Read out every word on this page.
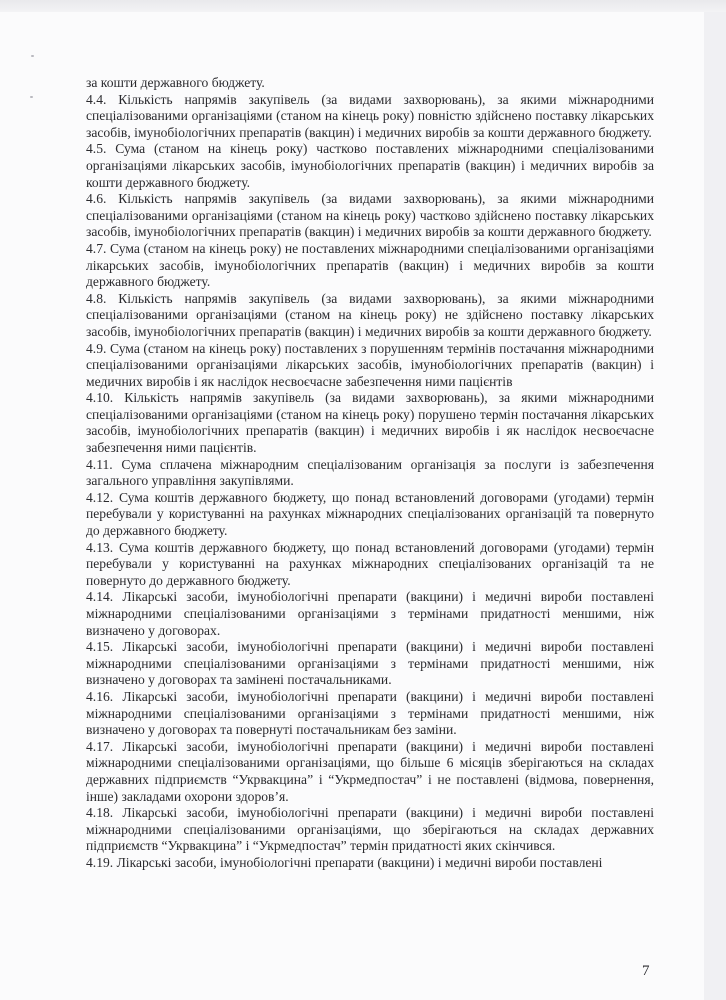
за кошти державного бюджету.

4.4. Кількість напрямів закупівель (за видами захворювань), за якими міжнародними спеціалізованими організаціями (станом на кінець року) повністю здійснено поставку лікарських засобів, імунобіологічних препаратів (вакцин) і медичних виробів за кошти державного бюджету.

4.5. Сума (станом на кінець року) частково поставлених міжнародними спеціалізованими організаціями лікарських засобів, імунобіологічних препаратів (вакцин) і медичних виробів за кошти державного бюджету.

4.6. Кількість напрямів закупівель (за видами захворювань), за якими міжнародними спеціалізованими організаціями (станом на кінець року) частково здійснено поставку лікарських засобів, імунобіологічних препаратів (вакцин) і медичних виробів за кошти державного бюджету.

4.7. Сума (станом на кінець року) не поставлених міжнародними спеціалізованими організаціями лікарських засобів, імунобіологічних препаратів (вакцин) і медичних виробів за кошти державного бюджету.

4.8. Кількість напрямів закупівель (за видами захворювань), за якими міжнародними спеціалізованими організаціями (станом на кінець року) не здійснено поставку лікарських засобів, імунобіологічних препаратів (вакцин) і медичних виробів за кошти державного бюджету.

4.9. Сума (станом на кінець року) поставлених з порушенням термінів постачання міжнародними спеціалізованими організаціями лікарських засобів, імунобіологічних препаратів (вакцин) і медичних виробів і як наслідок несвоєчасне забезпечення ними пацієнтів

4.10. Кількість напрямів закупівель (за видами захворювань), за якими міжнародними спеціалізованими організаціями (станом на кінець року) порушено термін постачання лікарських засобів, імунобіологічних препаратів (вакцин) і медичних виробів і як наслідок несвоєчасне забезпечення ними пацієнтів.

4.11. Сума сплачена міжнародним спеціалізованим організація за послуги із забезпечення загального управління закупівлями.

4.12. Сума коштів державного бюджету, що понад встановлений договорами (угодами) термін перебували у користуванні на рахунках міжнародних спеціалізованих організацій та повернуто до державного бюджету.

4.13. Сума коштів державного бюджету, що понад встановлений договорами (угодами) термін перебували у користуванні на рахунках міжнародних спеціалізованих організацій та не повернуто до державного бюджету.

4.14. Лікарські засоби, імунобіологічні препарати (вакцини) і медичні вироби поставлені міжнародними спеціалізованими організаціями з термінами придатності меншими, ніж визначено у договорах.

4.15. Лікарські засоби, імунобіологічні препарати (вакцини) і медичні вироби поставлені міжнародними спеціалізованими організаціями з термінами придатності меншими, ніж визначено у договорах та замінені постачальниками.

4.16. Лікарські засоби, імунобіологічні препарати (вакцини) і медичні вироби поставлені міжнародними спеціалізованими організаціями з термінами придатності меншими, ніж визначено у договорах та повернуті постачальникам без заміни.

4.17. Лікарські засоби, імунобіологічні препарати (вакцини) і медичні вироби поставлені міжнародними спеціалізованими організаціями, що більше 6 місяців зберігаються на складах державних підприємств “Укрвакцина” і “Укрмедпостач” і не поставлені (відмова, повернення, інше) закладами охорони здоров’я.

4.18. Лікарські засоби, імунобіологічні препарати (вакцини) і медичні вироби поставлені міжнародними спеціалізованими організаціями, що зберігаються на складах державних підприємств “Укрвакцина” і “Укрмедпостач” термін придатності яких скінчився.

4.19. Лікарські засоби, імунобіологічні препарати (вакцини) і медичні вироби поставлені

7
